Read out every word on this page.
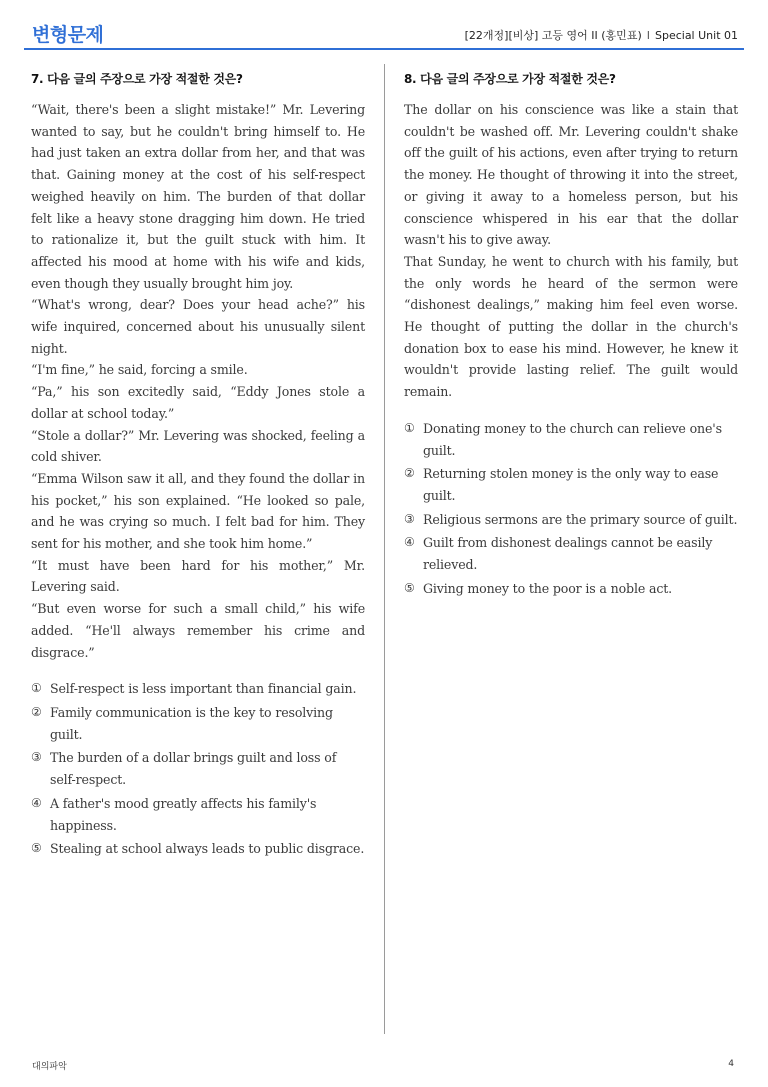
변형문제	[22개정][비상] 고등 영어 II (홍민표) I Special Unit 01
7. 다음 글의 주장으로 가장 적절한 것은?

“Wait, there's been a slight mistake!” Mr. Levering wanted to say, but he couldn't bring himself to. He had just taken an extra dollar from her, and that was that. Gaining money at the cost of his self-respect weighed heavily on him. The burden of that dollar felt like a heavy stone dragging him down. He tried to rationalize it, but the guilt stuck with him. It affected his mood at home with his wife and kids, even though they usually brought him joy.

“What's wrong, dear? Does your head ache?” his wife inquired, concerned about his unusually silent night.

“I'm fine,” he said, forcing a smile.

“Pa,” his son excitedly said, “Eddy Jones stole a dollar at school today.”

“Stole a dollar?” Mr. Levering was shocked, feeling a cold shiver.

“Emma Wilson saw it all, and they found the dollar in his pocket,” his son explained. “He looked so pale, and he was crying so much. I felt bad for him. They sent for his mother, and she took him home.”

“It must have been hard for his mother,” Mr. Levering said.

“But even worse for such a small child,” his wife added. “He'll always remember his crime and disgrace.”

① Self-respect is less important than financial gain.
② Family communication is the key to resolving guilt.
③ The burden of a dollar brings guilt and loss of self-respect.
④ A father's mood greatly affects his family's happiness.
⑤ Stealing at school always leads to public disgrace.
8. 다음 글의 주장으로 가장 적절한 것은?

The dollar on his conscience was like a stain that couldn't be washed off. Mr. Levering couldn't shake off the guilt of his actions, even after trying to return the money. He thought of throwing it into the street, or giving it away to a homeless person, but his conscience whispered in his ear that the dollar wasn't his to give away.

That Sunday, he went to church with his family, but the only words he heard of the sermon were “dishonest dealings,” making him feel even worse. He thought of putting the dollar in the church's donation box to ease his mind. However, he knew it wouldn't provide lasting relief. The guilt would remain.

① Donating money to the church can relieve one's guilt.
② Returning stolen money is the only way to ease guilt.
③ Religious sermons are the primary source of guilt.
④ Guilt from dishonest dealings cannot be easily relieved.
⑤ Giving money to the poor is a noble act.
대의파악	4
